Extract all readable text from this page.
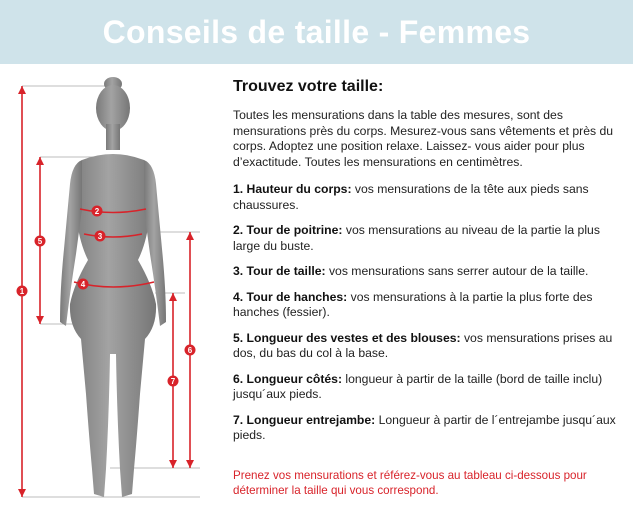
Conseils de taille - Femmes
1
2
3
4
5
6
7
Trouvez votre taille:

Toutes les mensurations dans la table des mesures, sont des mensurations près du corps. Mesurez-vous sans vêtements et près du corps. Adoptez une position relaxe. Laissez- vous aider pour plus d’exactitude. Toutes les mensurations en centimètres.

1. Hauteur du corps: vos mensurations de la tête aux pieds sans chaussures.
2. Tour de poitrine: vos mensurations au niveau de la partie la plus large du buste.
3. Tour de taille: vos mensurations sans serrer autour de la taille.
4. Tour de hanches: vos mensurations à la partie la plus forte des hanches (fessier).
5. Longueur des vestes et des blouses: vos mensurations prises au dos, du bas du col à la base.
6. Longueur côtés: longueur à partir de la taille (bord de taille inclu) jusqu´aux pieds.
7. Longueur entrejambe: Longueur à partir de l´entrejambe jusqu´aux pieds.
Prenez vos mensurations et référez-vous au tableau ci-dessous pour déterminer la taille qui vous correspond.
